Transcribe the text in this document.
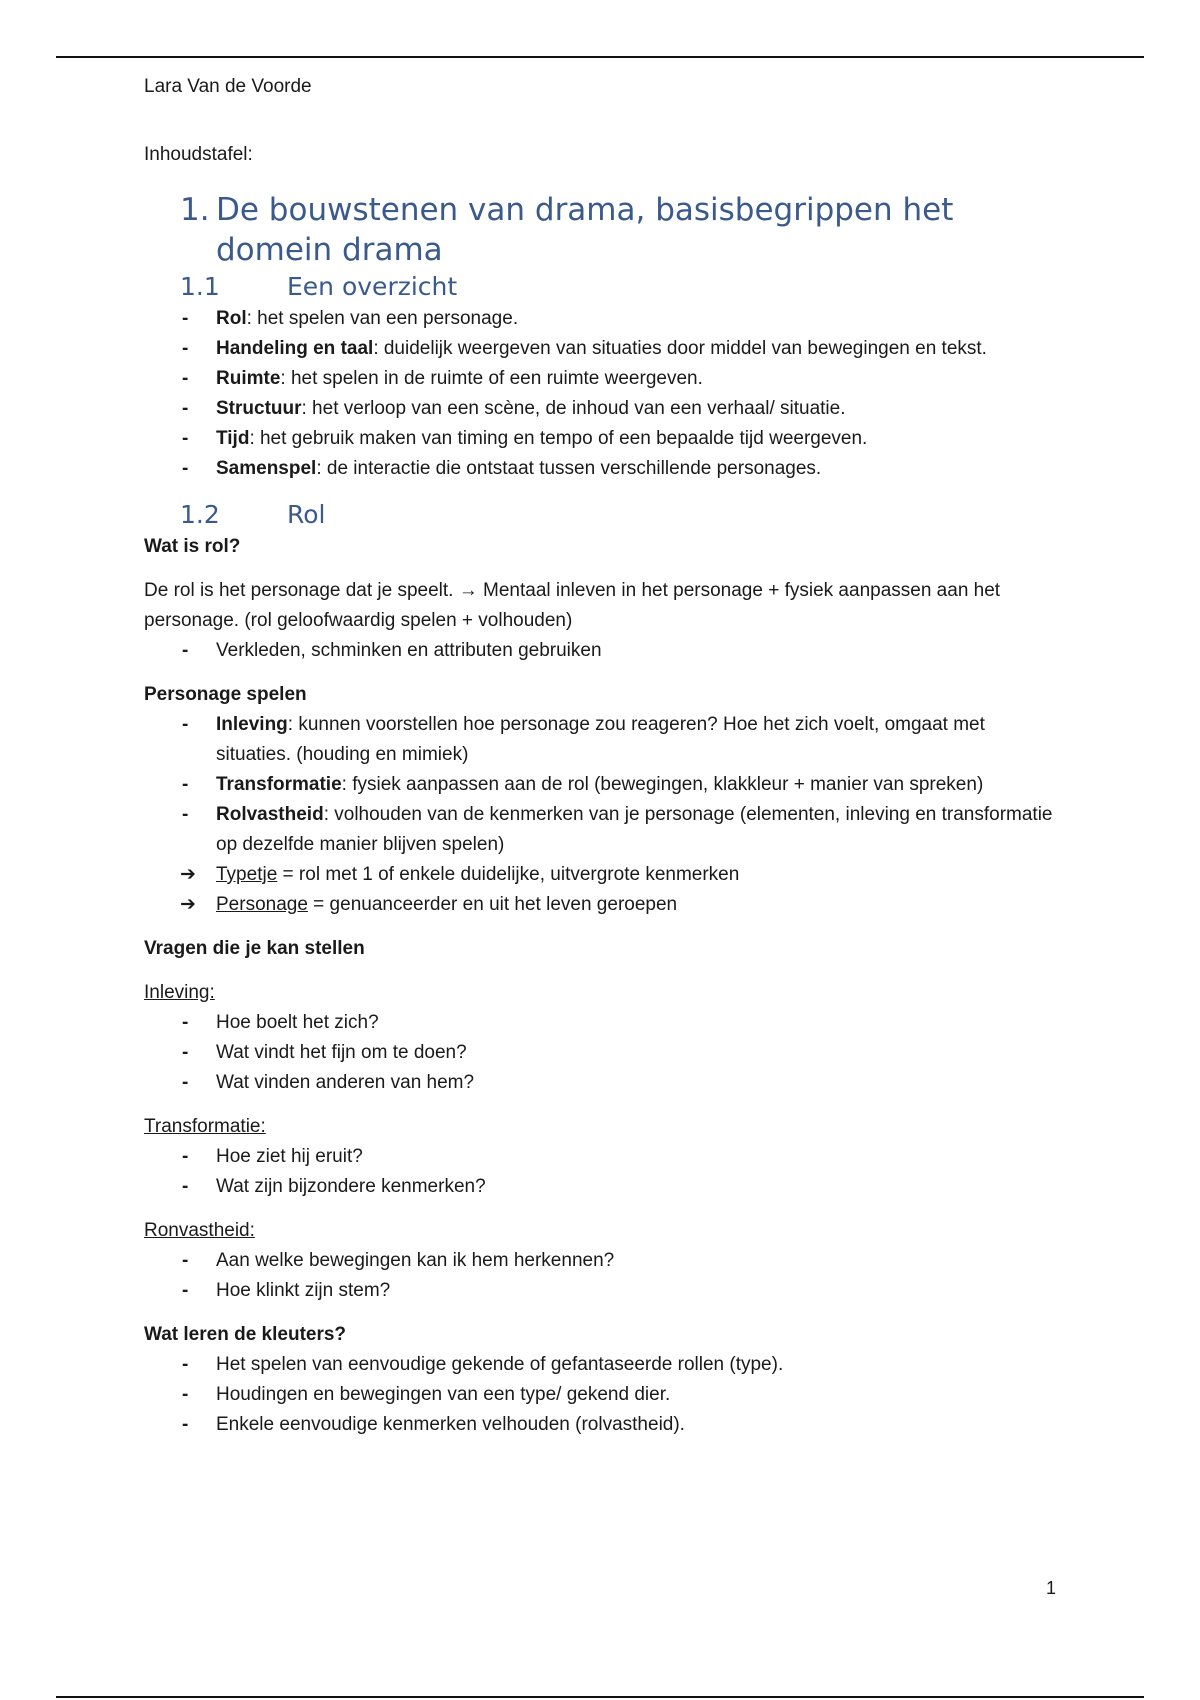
Lara Van de Voorde

Inhoudstafel:

1. De bouwstenen van drama, basisbegrippen het domein drama
1.1	Een overzicht
- Rol: het spelen van een personage.
- Handeling en taal: duidelijk weergeven van situaties door middel van bewegingen en tekst.
- Ruimte: het spelen in de ruimte of een ruimte weergeven.
- Structuur: het verloop van een scène, de inhoud van een verhaal/ situatie.
- Tijd: het gebruik maken van timing en tempo of een bepaalde tijd weergeven.
- Samenspel: de interactie die ontstaat tussen verschillende personages.
1.2	Rol

Wat is rol?

De rol is het personage dat je speelt. → Mentaal inleven in het personage + fysiek aanpassen aan het personage. (rol geloofwaardig spelen + volhouden)

- Verkleden, schminken en attributen gebruiken

Personage spelen

- Inleving: kunnen voorstellen hoe personage zou reageren? Hoe het zich voelt, omgaat met situaties. (houding en mimiek)
- Transformatie: fysiek aanpassen aan de rol (bewegingen, klakkleur + manier van spreken)
- Rolvastheid: volhouden van de kenmerken van je personage (elementen, inleving en transformatie op dezelfde manier blijven spelen)
➔ Typetje = rol met 1 of enkele duidelijke, uitvergrote kenmerken
➔ Personage = genuanceerder en uit het leven geroepen

Vragen die je kan stellen

Inleving:

- Hoe boelt het zich?
- Wat vindt het fijn om te doen?
- Wat vinden anderen van hem?

Transformatie:

- Hoe ziet hij eruit?
- Wat zijn bijzondere kenmerken?

Ronvastheid:

- Aan welke bewegingen kan ik hem herkennen?
- Hoe klinkt zijn stem?

Wat leren de kleuters?

- Het spelen van eenvoudige gekende of gefantaseerde rollen (type).
- Houdingen en bewegingen van een type/ gekend dier.
- Enkele eenvoudige kenmerken velhouden (rolvastheid).
1
